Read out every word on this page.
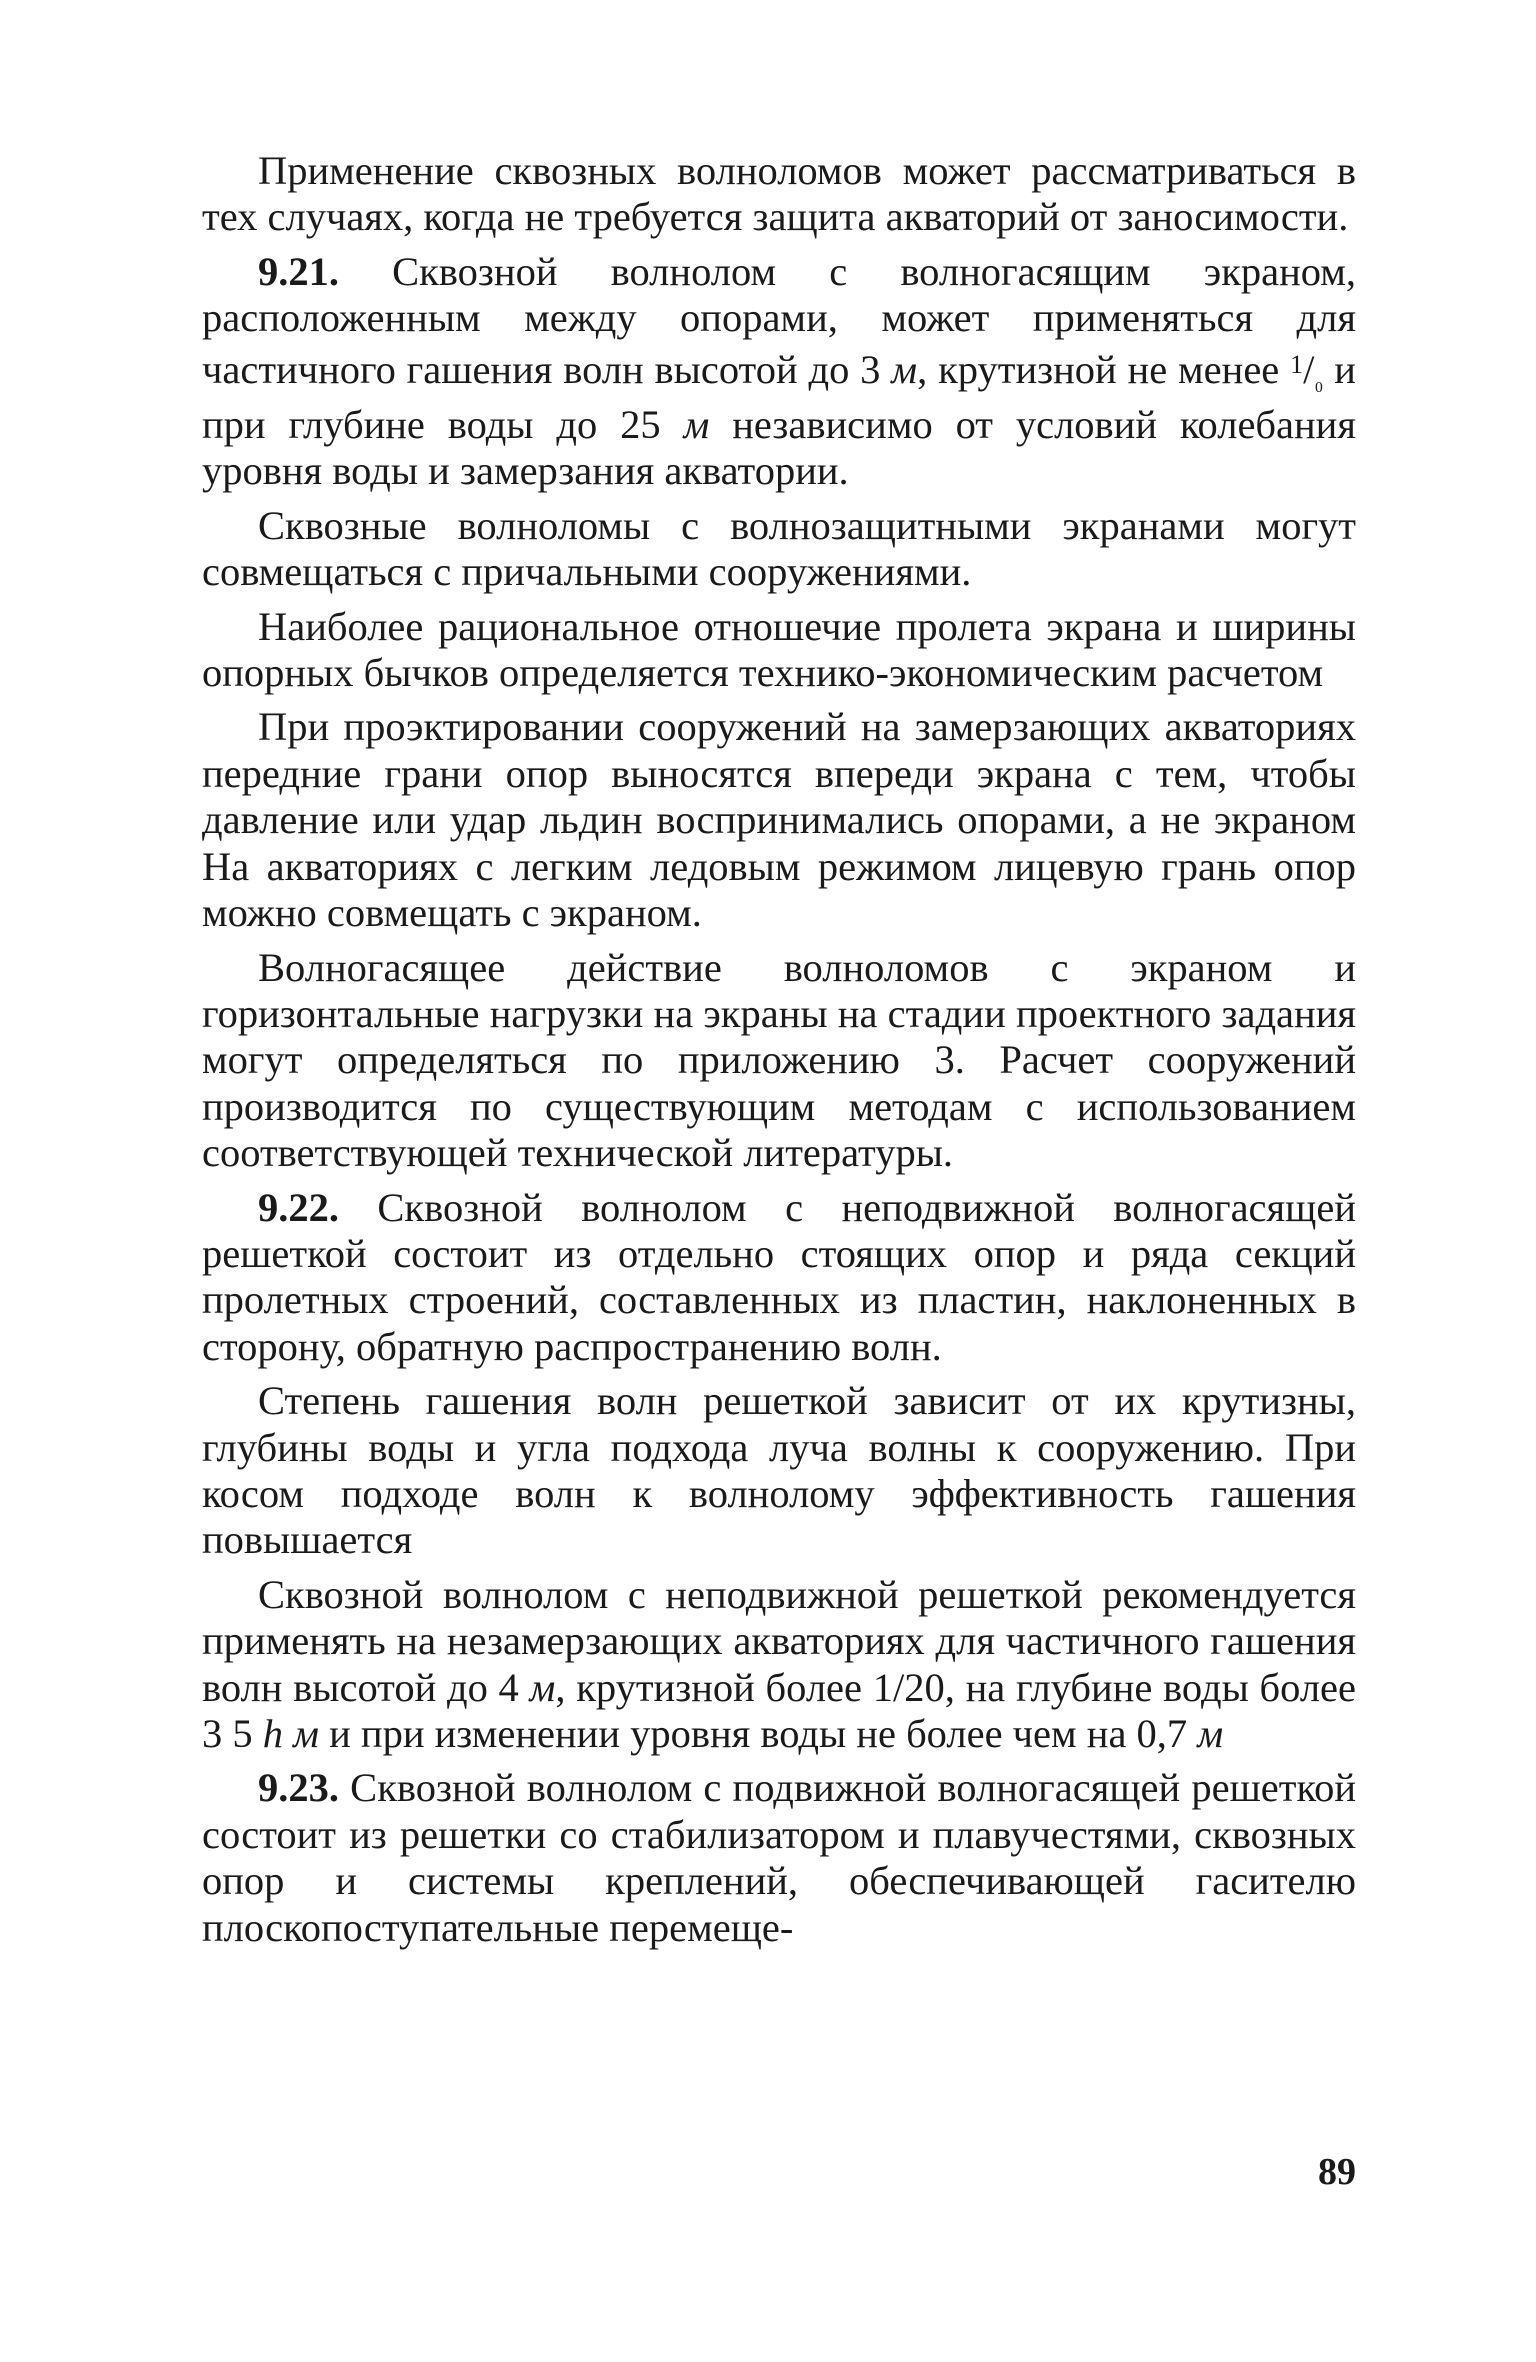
Применение сквозных волноломов может рассматриваться в тех случаях, когда не требуется защита акваторий от заносимости.

9.21. Сквозной волнолом с волногасящим экраном, расположенным между опорами, может применяться для частичного гашения волн высотой до 3 м, крутизной не менее $^1$/₀ и при глубине воды до 25 м независимо от условий колебания уровня воды и замерзания акватории.

Сквозные волноломы с волнозащитными экранами могут совмещаться с причальными сооружениями.

Наиболее рациональное отношечие пролета экрана и ширины опорных бычков определяется технико-экономическим расчетом

При проэктировании сооружений на замерзающих акваториях передние грани опор выносятся впереди экрана с тем, чтобы давление или удар льдин воспринимались опорами, а не экраном На акваториях с легким ледовым режимом лицевую грань опор можно совмещать с экраном.

Волногасящее действие волноломов с экраном и горизонтальные нагрузки на экраны на стадии проектного задания могут определяться по приложению 3. Расчет сооружений производится по существующим методам с использованием соответствующей технической литературы.

9.22. Сквозной волнолом с неподвижной волногасящей решеткой состоит из отдельно стоящих опор и ряда секций пролетных строений, составленных из пластин, наклоненных в сторону, обратную распространению волн.

Степень гашения волн решеткой зависит от их крутизны, глубины воды и угла подхода луча волны к сооружению. При косом подходе волн к волнолому эффективность гашения повышается

Сквозной волнолом с неподвижной решеткой рекомендуется применять на незамерзающих акваториях для частичного гашения волн высотой до 4 м, крутизной более 1/20, на глубине воды более 3 5 h м и при изменении уровня воды не более чем на 0,7 м

9.23. Сквозной волнолом с подвижной волногасящей решеткой состоит из решетки со стабилизатором и плавучестями, сквозных опор и системы креплений, обеспечивающей гасителю плоскопоступательные перемеще-

89
